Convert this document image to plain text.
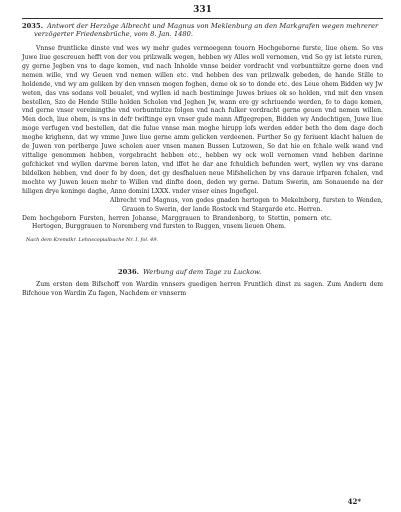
331
2035. Antwort der Herzöge Albrecht und Magnus von Meklenburg an den Markgrafen wegen mehrerer verzögerter Friedensbrüche, vom 8. Jan. 1480.
Vnnse fruntlicke dinste vnd wes wy mehr gudes vermoegenn touorn Hochgeborne furste, liue ohem. So vns Juwe liue gescreuen hefft von der vou prilzwalk wegen, hebben wy Alles woll vernomen, vnd So gy ist letste ruren, gy gerne Jegben vns to dage komen, vnd nach Inholde vnnse beider vordracht vnd vorbuntnitze gerne doen vnd nemen wille, vnd wy Geuen vnd nemen willen etc. vnd hebben des van prilzwalk gebeden, de hande Stille to holdende, vnd wy am geliken by den vnnsen mogen foghen, deme ok so to donde etc. des Leue ohem Bidden wy Jw weten, das vns sodans voll beualet, vnd wyllen id nach bestiminge Juwes briues ok so holden, vnd mit den vnsen bestellen, Szo de Hende Stille holden Scholen vnd Jeghen Jw, wann ere gy schriuende werden, fo to dage komen, vnd gerne vnser vereiningthe vnd vorbuntnitze folgen vnd nach fulker vordracht gerne geuen vnd nemen willen. Men doch, liue ohem, is vns in defr twiftinge eyn vnser gude mann Affgegrepen, Bidden wy Andechtigen, Juwe liue moge verfugen vnd bestellen, dat die fulue vnnse man moghe hirupp lofs werden edder beth tho dem dage doch moghe krighenn, dat wy vmme Juwe liue gerne amm gelicken verdeenen. Further So gy feriuent klacht haluen de de Juwen von perlberge Juwe scholen auer vnsen manen Bussen Lutzowen, So dat hie en fchale welk wand vnd vittalige genommen hebben, vorgebracht hebben etc., hebben wy ock woll vernomen vnnd hebben darinne gefchicket vnd wyllen darvme boren laten, vnd iffet he dar ane fchuldich befunden wert, wyllen wy vns darane bildelken hebben, vnd doer fo by doen, det gy desfhaluen neue Mifshelichen by vns daraue irfparen fchalen, vnd mochte wy Juwen leuen mehr to Willen vnd dinfte doen, deden wy gerne. Datum Swerin, am Sonauende na der hiligen drye koninge daghe, Anno domini LXXX. vnder vnser eines Ingefigel.
Albrecht vnd Magnus, von godes gnaden hertogen to Mekelnborg, fursten to Wenden, Grauen to Swerin, der lande Rostock vnd Stargarde etc. Herren.
Dem hochgeborn Fursten, herren Johanse, Marggrauen to Brandenborg, to Stettin, pomern etc. Hertogen, Burggrauen to Noremberg vnd fursten to Ruggen, vnsem lieuen Ohem.
Nach dem Kremdkr. Lehnscopialbuche Nr. I, fol. 49.
2036. Werbung auf dem Tage zu Luckow.
Zum ersten dem Bifschoff von Wardin vnnsers guedigen herren Fruntlich dinst zu sagen. Zum Andern dem Bifchoue von Wardin Zu fagen, Nachdem er vnnserm
42*
